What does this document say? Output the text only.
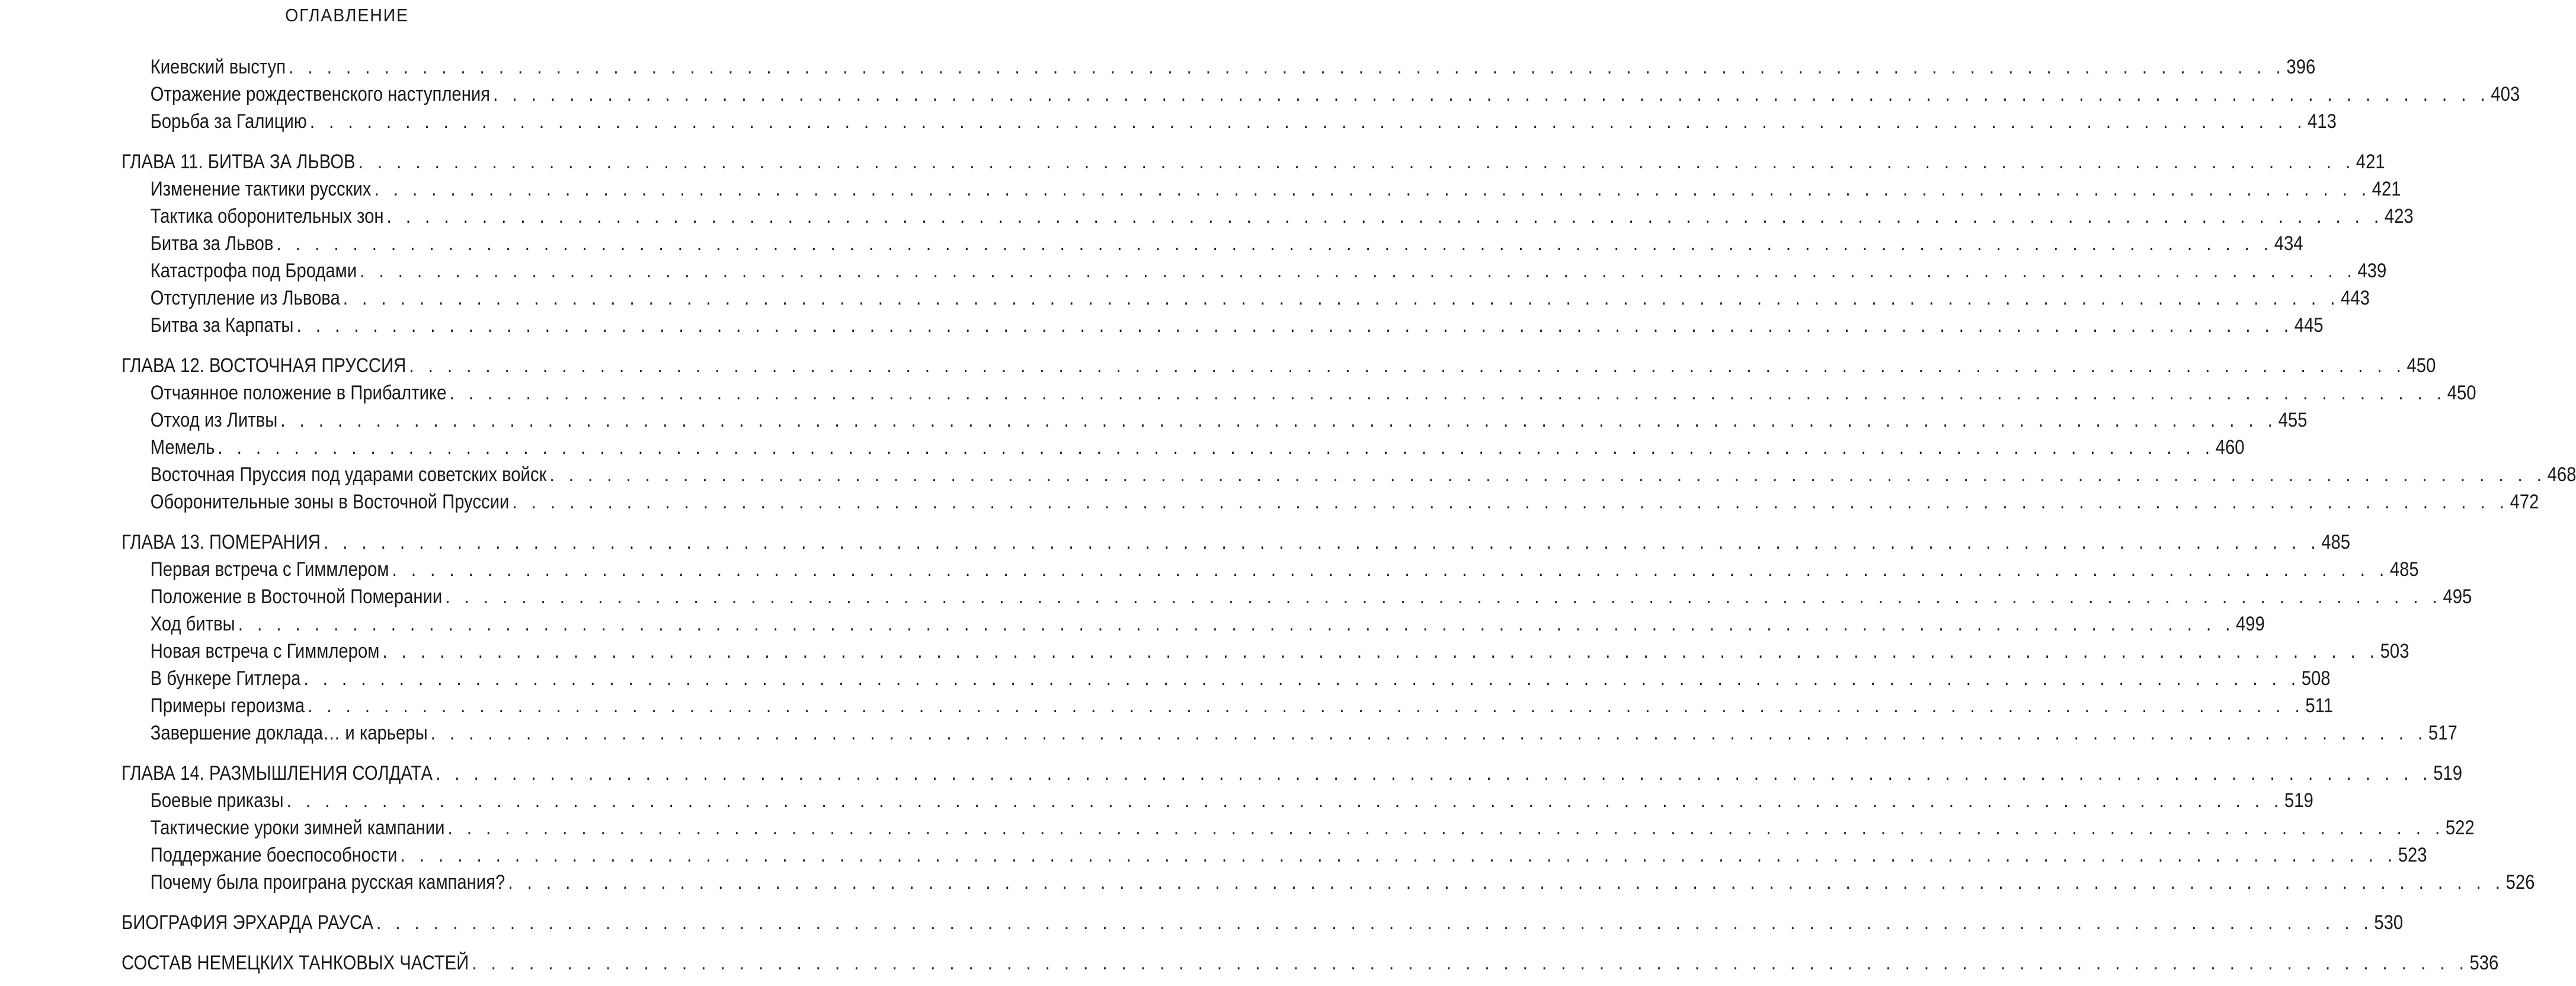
ОГЛАВЛЕНИЕ
Киевский выступ . . .	396
Отражение рождественского наступления . . .	403
Борьба за Галицию . . .	413
ГЛАВА 11. БИТВА ЗА ЛЬВОВ . . .	421
Изменение тактики русских . . .	421
Тактика оборонительных зон . . .	423
Битва за Львов . . .	434
Катастрофа под Бродами . . .	439
Отступление из Львова . . .	443
Битва за Карпаты . . .	445
ГЛАВА 12. ВОСТОЧНАЯ ПРУССИЯ . . .	450
Отчаянное положение в Прибалтике . . .	450
Отход из Литвы . . .	455
Мемель . . .	460
Восточная Пруссия под ударами советских войск . . .	468
Оборонительные зоны в Восточной Пруссии . . .	472
ГЛАВА 13. ПОМЕРАНИЯ . . .	485
Первая встреча с Гиммлером . . .	485
Положение в Восточной Померании . . .	495
Ход битвы . . .	499
Новая встреча с Гиммлером . . .	503
В бункере Гитлера . . .	508
Примеры героизма . . .	511
Завершение доклада… и карьеры . . .	517
ГЛАВА 14. РАЗМЫШЛЕНИЯ СОЛДАТА . . .	519
Боевые приказы . . .	519
Тактические уроки зимней кампании . . .	522
Поддержание боеспособности . . .	523
Почему была проиграна русская кампания? . . .	526
БИОГРАФИЯ ЭРХАРДА РАУСА . . .	530
СОСТАВ НЕМЕЦКИХ ТАНКОВЫХ ЧАСТЕЙ . . .	536
